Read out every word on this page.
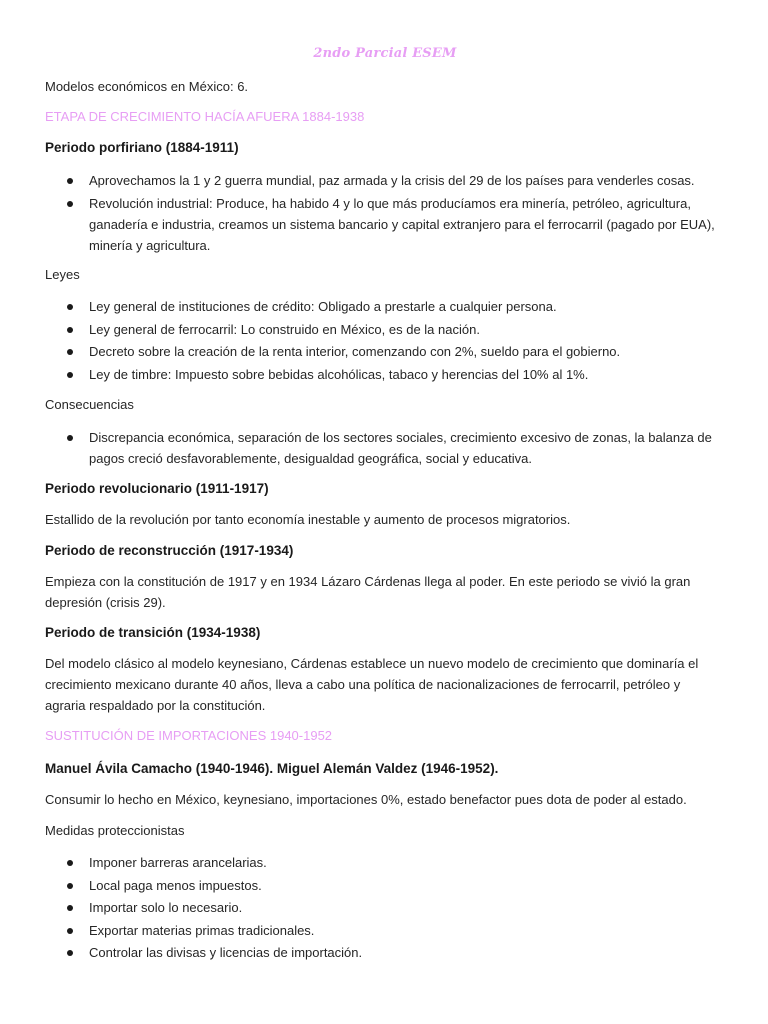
2ndo Parcial ESEM

Modelos económicos en México: 6.

ETAPA DE CRECIMIENTO HACÍA AFUERA 1884-1938
Periodo porfiriano (1884-1911)
Aprovechamos la 1 y 2 guerra mundial, paz armada y la crisis del 29 de los países para venderles cosas.
Revolución industrial: Produce, ha habido 4 y lo que más producíamos era minería, petróleo, agricultura, ganadería e industria, creamos un sistema bancario y capital extranjero para el ferrocarril (pagado por EUA), minería y agricultura.

Leyes

Ley general de instituciones de crédito: Obligado a prestarle a cualquier persona.
Ley general de ferrocarril: Lo construido en México, es de la nación.
Decreto sobre la creación de la renta interior, comenzando con 2%, sueldo para el gobierno.
Ley de timbre: Impuesto sobre bebidas alcohólicas, tabaco y herencias del 10% al 1%.

Consecuencias

Discrepancia económica, separación de los sectores sociales, crecimiento excesivo de zonas, la balanza de pagos creció desfavorablemente, desigualdad geográfica, social y educativa.
Periodo revolucionario (1911-1917)

Estallido de la revolución por tanto economía inestable y aumento de procesos migratorios.

Periodo de reconstrucción (1917-1934)

Empieza con la constitución de 1917 y en 1934 Lázaro Cárdenas llega al poder. En este periodo se vivió la gran depresión (crisis 29).

Periodo de transición (1934-1938)

Del modelo clásico al modelo keynesiano, Cárdenas establece un nuevo modelo de crecimiento que dominaría el crecimiento mexicano durante 40 años, lleva a cabo una política de nacionalizaciones de ferrocarril, petróleo y agraria respaldado por la constitución.

SUSTITUCIÓN DE IMPORTACIONES 1940-1952
Manuel Ávila Camacho (1940-1946). Miguel Alemán Valdez (1946-1952).

Consumir lo hecho en México, keynesiano, importaciones 0%, estado benefactor pues dota de poder al estado.

Medidas proteccionistas

Imponer barreras arancelarias.
Local paga menos impuestos.
Importar solo lo necesario.
Exportar materias primas tradicionales.
Controlar las divisas y licencias de importación.
